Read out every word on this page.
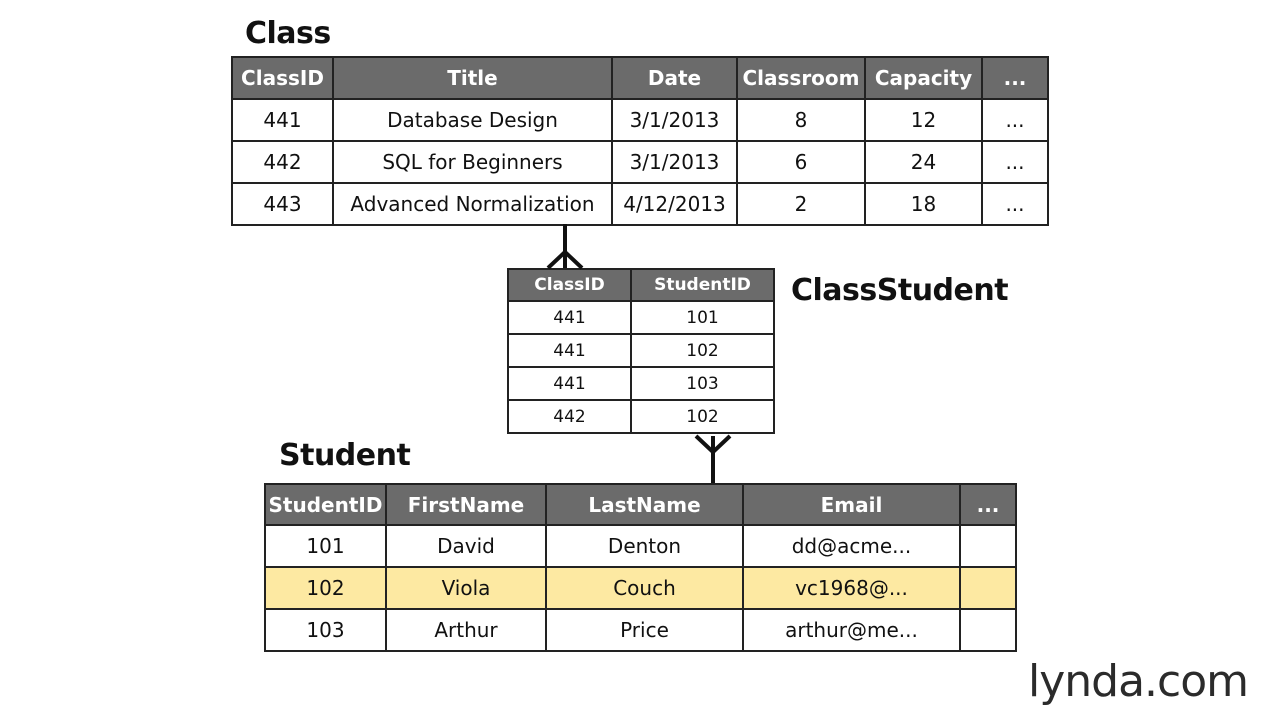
Class
ClassID	Title	Date	Classroom	Capacity	...
441	Database Design	3/1/2013	8	12	...
442	SQL for Beginners	3/1/2013	6	24	...
443	Advanced Normalization	4/12/2013	2	18	...
ClassStudent
ClassID	StudentID
441	101
441	102
441	103
442	102
Student
StudentID	FirstName	LastName	Email	...
101	David	Denton	dd@acme...	
102	Viola	Couch	vc1968@...	
103	Arthur	Price	arthur@me...	
lynda.com
